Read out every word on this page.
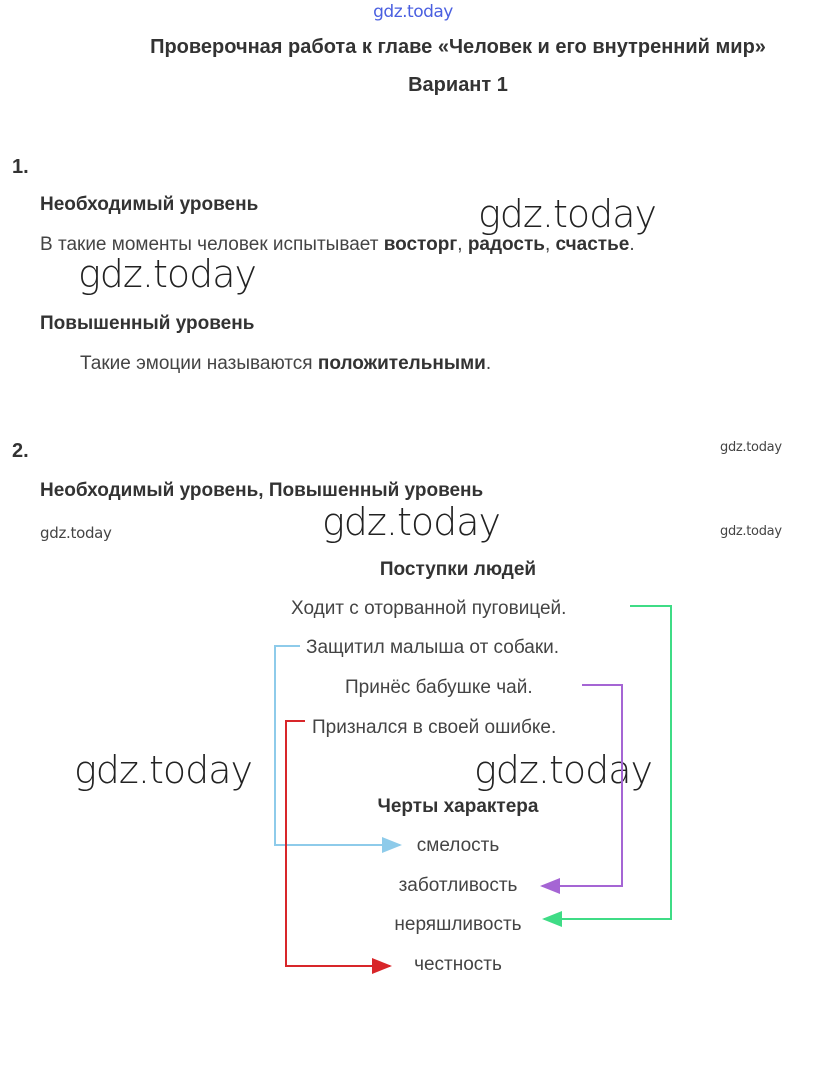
gdz.today
gdz.today
gdz.today
gdz.today
gdz.today
gdz.today	gdz.today
gdz.today	gdz.today
Проверочная работа к главе «Человек и его внутренний мир»
Вариант 1
1.
Необходимый уровень
В такие моменты человек испытывает восторг, радость, счастье.
Повышенный уровень
Такие эмоции называются положительными.
2.
Необходимый уровень, Повышенный уровень
Поступки людей
Ходит с оторванной пуговицей.
Защитил малыша от собаки.
Принёс бабушке чай.
Признался в своей ошибке.
Черты характера
смелость
заботливость
неряшливость
честность
